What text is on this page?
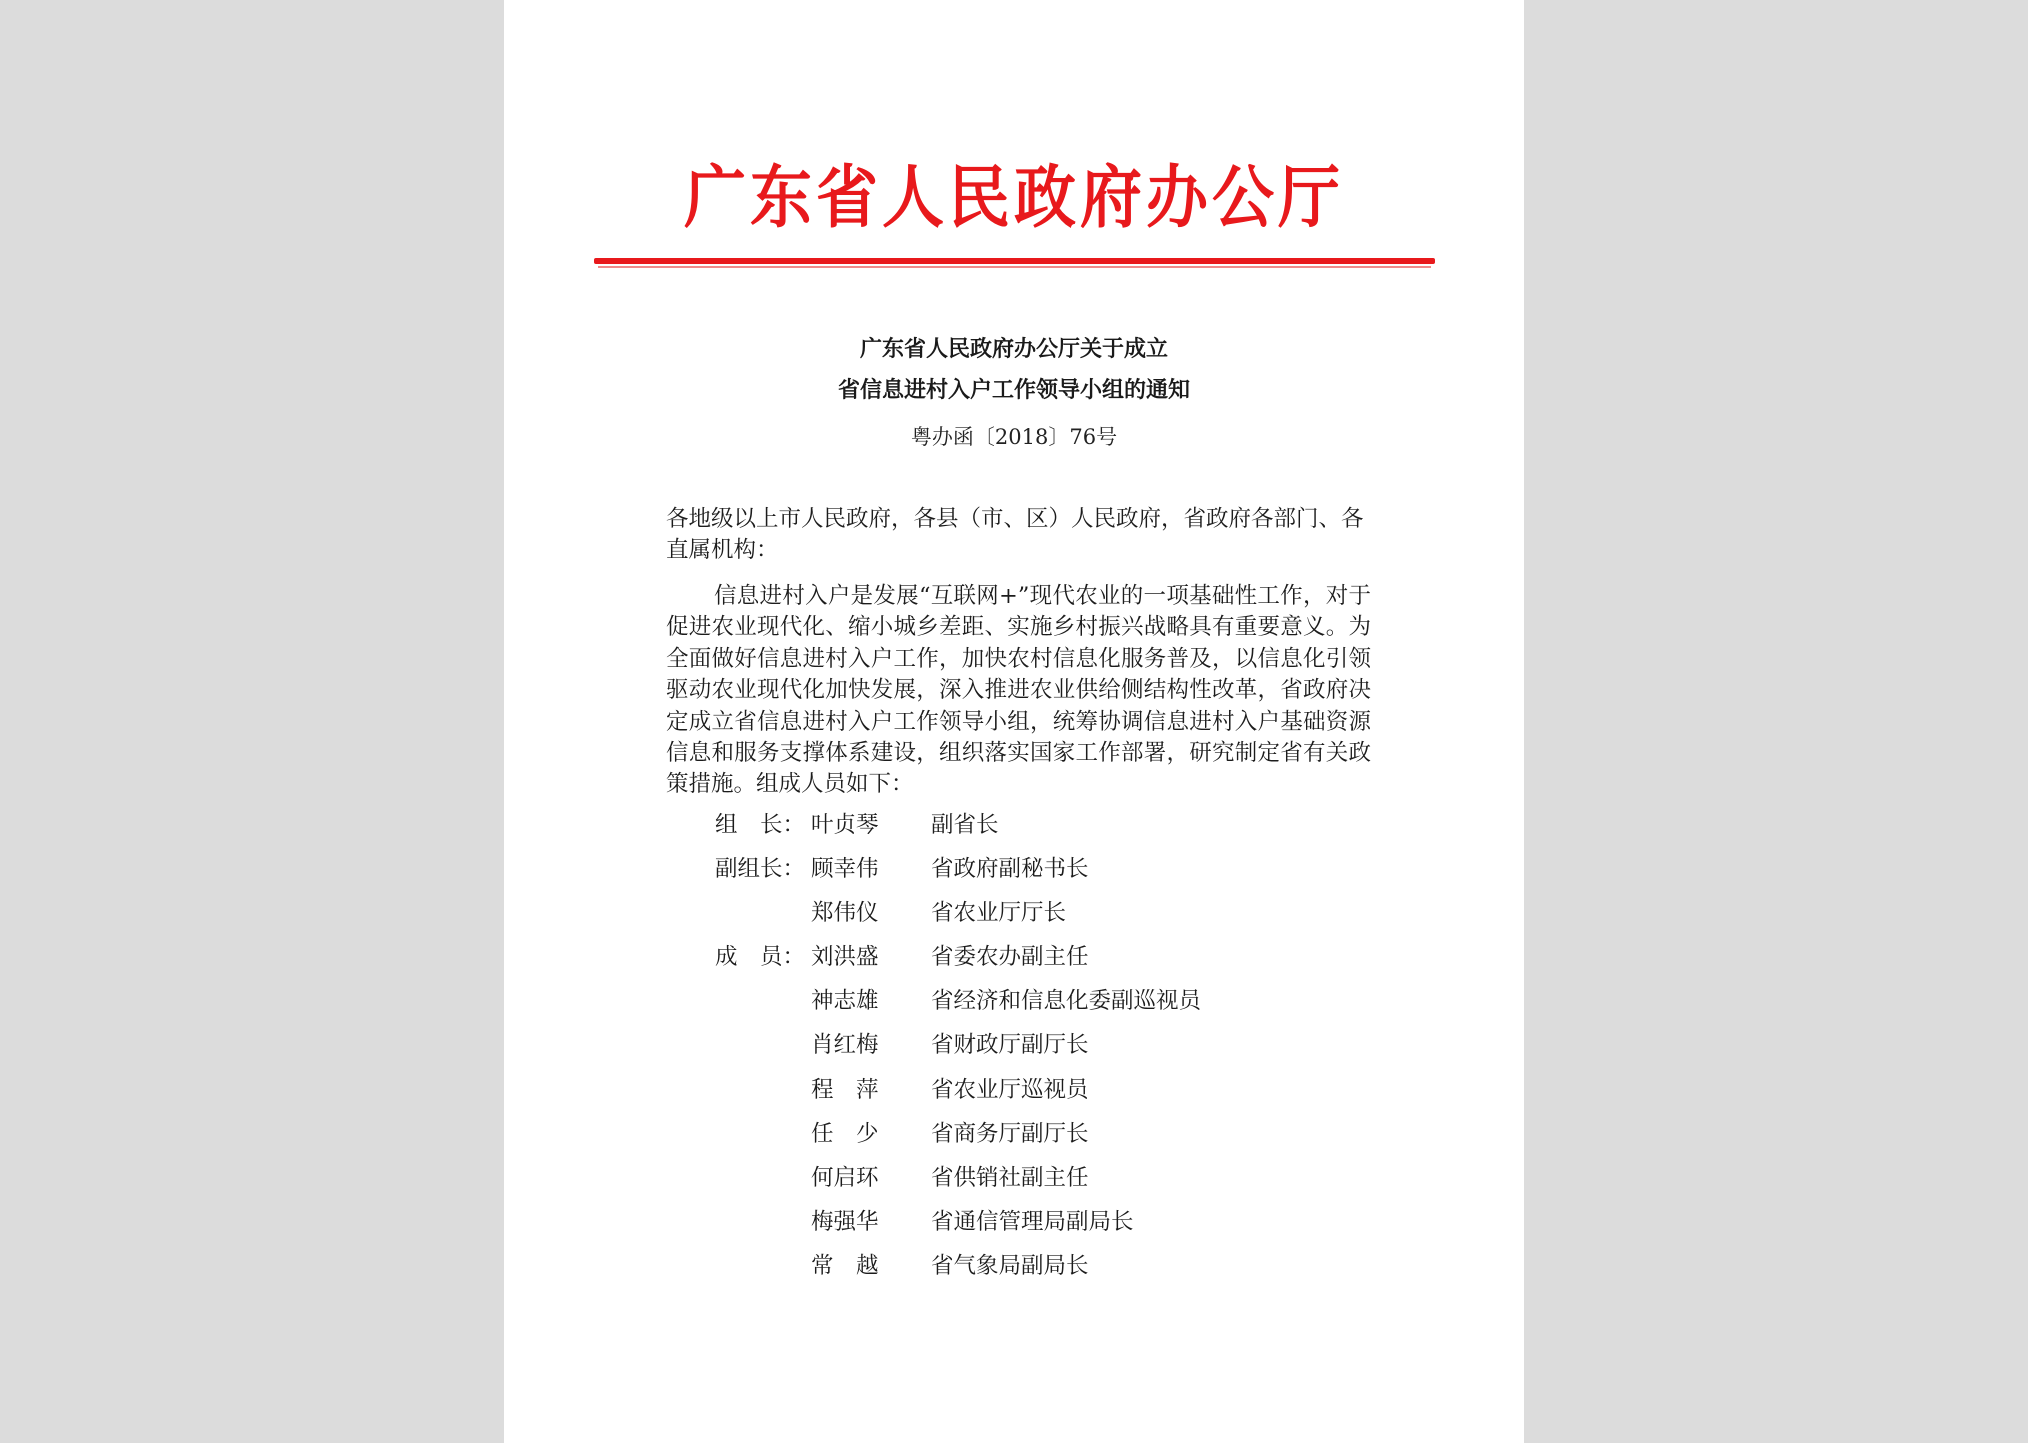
广东省人民政府办公厅
广东省人民政府办公厅关于成立
省信息进村入户工作领导小组的通知
粤办函〔2018〕76号
各地级以上市人民政府，各县（市、区）人民政府，省政府各部门、各直属机构：
信息进村入户是发展“互联网+”现代农业的一项基础性工作，对于促进农业现代化、缩小城乡差距、实施乡村振兴战略具有重要意义。为全面做好信息进村入户工作，加快农村信息化服务普及，以信息化引领驱动农业现代化加快发展，深入推进农业供给侧结构性改革，省政府决定成立省信息进村入户工作领导小组，统筹协调信息进村入户基础资源信息和服务支撑体系建设，组织落实国家工作部署，研究制定省有关政策措施。组成人员如下：
组　长： 叶贞琴	副省长
副组长： 顾幸伟	省政府副秘书长
郑伟仪	省农业厅厅长
成　员： 刘洪盛	省委农办副主任
神志雄	省经济和信息化委副巡视员
肖红梅	省财政厅副厅长
程　萍	省农业厅巡视员
任　少	省商务厅副厅长
何启环	省供销社副主任
梅强华	省通信管理局副局长
常　越	省气象局副局长
